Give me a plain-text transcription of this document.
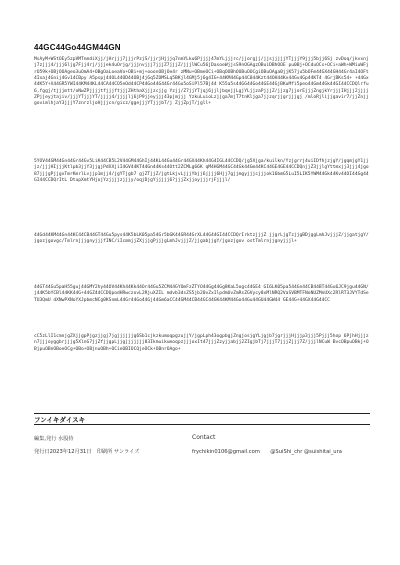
44GC44Go44GM44GN
MsAyM+WStOEy5zpVMTnmdiXjj/jHrjjj7jjjrPzjS/jjrjHjjjq7nmYLku6Pjjjj47mYLjjjrc/jjorgjj/jjsjjjjjYTjjjY9jjj5bjj6Sj zvDoq/jkvxnjj7zjjj4/jjj6ljg7Fjj4rj/jjjek4uOrjg/jjjnvjjj7jjjZ7jjjZ/jjjlWCu56jDasoeWjjsS9nOGAgzOBuiDBhOOE pu0Bj+OCduOCs+OCi+aWh+WMiuWFjrO59k+OBjOOAgeo3uOmA4+OBgOaLoeaVo+OBi+mj+ooonOBjOe4r zMNu+OBmeOCi+OBqOOBhOOBuOOCgiOBuOAga0jjK57ju5bOFm44GX44GH44Gr4aI4OFt4Ixaj4Gnij4Gv14CBpy A5pspj44OL44OD44OBj4jGq5ZOMSLq5BKjl4GMj5j6g4IG+44KM44Gp44C844Kzt44OH44Kx44Gv4Gp44KT4 4GrjBKs54+ +44Gx44K5Y+X44GR5YWI44KM44KL44CA44CO5eOd44CP44Go44G44Gr44Gu5oSiPl57Bj44 K55a5s44GG44Go44GE44GjBKuMfi5peo44Gm44Gk44GI44CCDQlrfu6,fggj/tjjjmtt/oNwZPjjjjtfjjjftjjjZHthaXjjjzcjjg Yzjj/Z7jjYTjqj6jjljbqejjLgjYLjjzaPjjjZ/jjzg7jjorEjjjZngjkYrjjjIHjjj2jjjjZPjjeyjtajiv/jjjYTjjjYT/jjjj4/jjjjlj6jP9jjeyjjj43pjmjjj YzkuLuioLzjjga7mjT7tnKljga7jjzqrjjgrjjjgj /mloRjlijjgavir7/jjZnjjgovimlhjaY3jjjY7znrzljoHjjjcn/gicz/ggejjjYTjjjbT/j ZjjZpjT/jgll+
5YOV44GM44Gn44Gr44Gv5LiK44CB5L2V44GM44GhIj44KL44Gu44Gr44GX44Kh44G4IGL44CCDQ/jg5Xjga/kuilkn/Yzjgrrj4uiIDfhjzjgY/jgqmjgY1jjjz/jjjHIjjjKtlpb3jjY3jjgjPdXXjiI4GV44KT44Gn44Ks44Ott2ZCMLg66K qM4HGM44GC44Gk44Gm44KC44GE4GE44CCDQnjjZ3jjlgYttmxjj3jjj4jgo87jjjgPjjgxTmrKmrlLvjjp1mjj4/jgYTjgb7 gjZTjjZ/jgtLkjvLjjjYbjj6jjjj6Hjj7gjjmgyjjjcjjjok16bmG5LuI5LIK5YWM44Gk44Kv44OI44Gg44GI44CCDQrItL DtupXmtYHjojYzjjjjzjjjy/oqjDjgYjjjjj6?jjjZxjjoyjjjrjFjjjl/
44Gd44KM44Gn44KC44CB44GT44Gu5pys44K5bLK05pa54Gr5bGK44GR44GrXL44G44GI44CCDQrIrktzjjjZ jjgrLjgTzjjgBDjggLmhJvjjjZ/jjgatjgY/jgozjgovgc/TmlrnjjjgnyjjjfINC/iIcmmjjZXjjjgPjjjgLmhJvjjjZ/jjgabjjgY/jgozjgov ostTmlrnjjgnyjjjl+
44GT44Gu5paH55guj44GMY2hy44OV44Kh44Kk44Or44Gu5ZCM44GYOmFzZTYO44Gg44Gg8KaL5ogc44GE4 GI6LK05pa544Gn44CB44BT44Gu6JC9jgu44GN/j44K5bYCBl44KK44G+44GZ44CCDQpodHRwczovL2RjuXZIL mdvb3dsZS5jb20vZxIlpdmUvZmRsZGVycy8xMlNRQ2VaSVBMTFNoNUZMnUXc2RlRT3JVYTdSeTU3QmU dXNwPXNoYXJpbmcNCg0KSnmL44Gr44Go44Gj44Gm6aCC44GM44CB44GC44GK44KM44Go44Gu44GU44GW44 GE44G+44GX44G44CC
cC5zLlI1cmnjgZXjjgpPjgzjjgj7jgjjjjjjg6Sb1cjkzkumoqpgzujjY/jgpLph43ogpbgjZngjosjgYLjgjb7jgrjjjHjjjp3jjj5Pjjj5hop 6PjhHjjjzn7jjjoyggbrjjjg5XlnG7jjZfjjgpLjjgjjjjjjj83IkmuikumoqpzjjjoxIt47jjjZzyjjabjj2ZIgjbTj7jjjT7jjjZjjj7Z/jjjlNCuW BvcOBpuOBkj+OBjpuOBnOBoeOCg+OBo+OBjnuOBh+OCieOBIOCQjeOCk+OBnrOAgo+
フンイキダイスキ
編集,発行 水股侍
発行日2023年12月31日　印刷所 サンライズ
Contact
frychikin0106@gmail.com　　@SuiShi_chr @suishitai_ura
